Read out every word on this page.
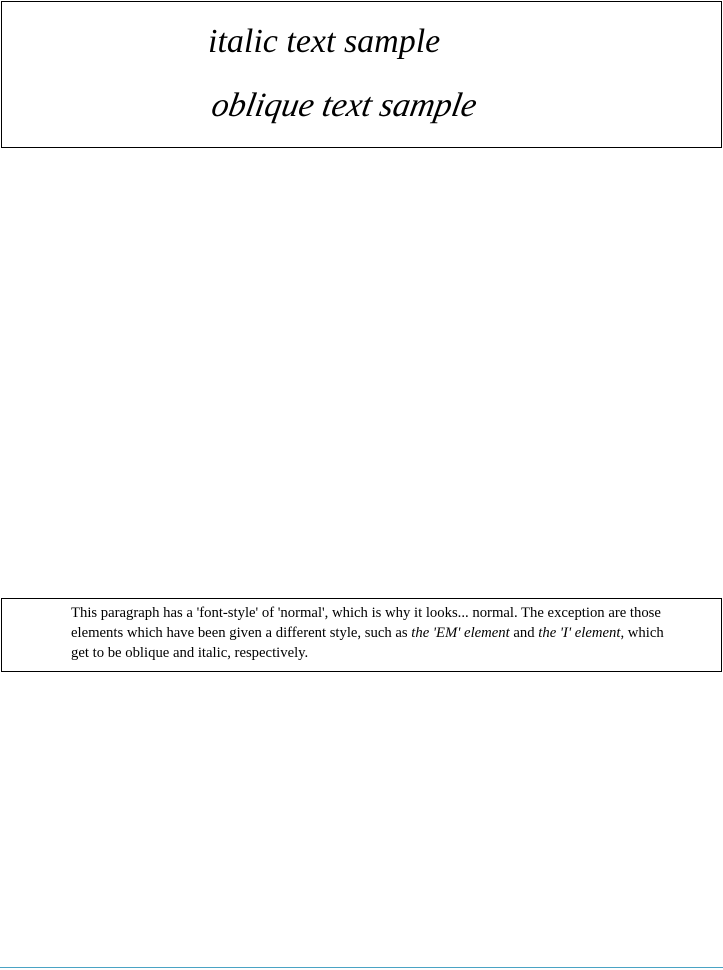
italic text sample
oblique text sample

This paragraph has a 'font-style' of 'normal', which is why it looks... normal. The exception are those elements which have been given a different style, such as the 'EM' element and the 'I' element, which get to be oblique and italic, respectively.
